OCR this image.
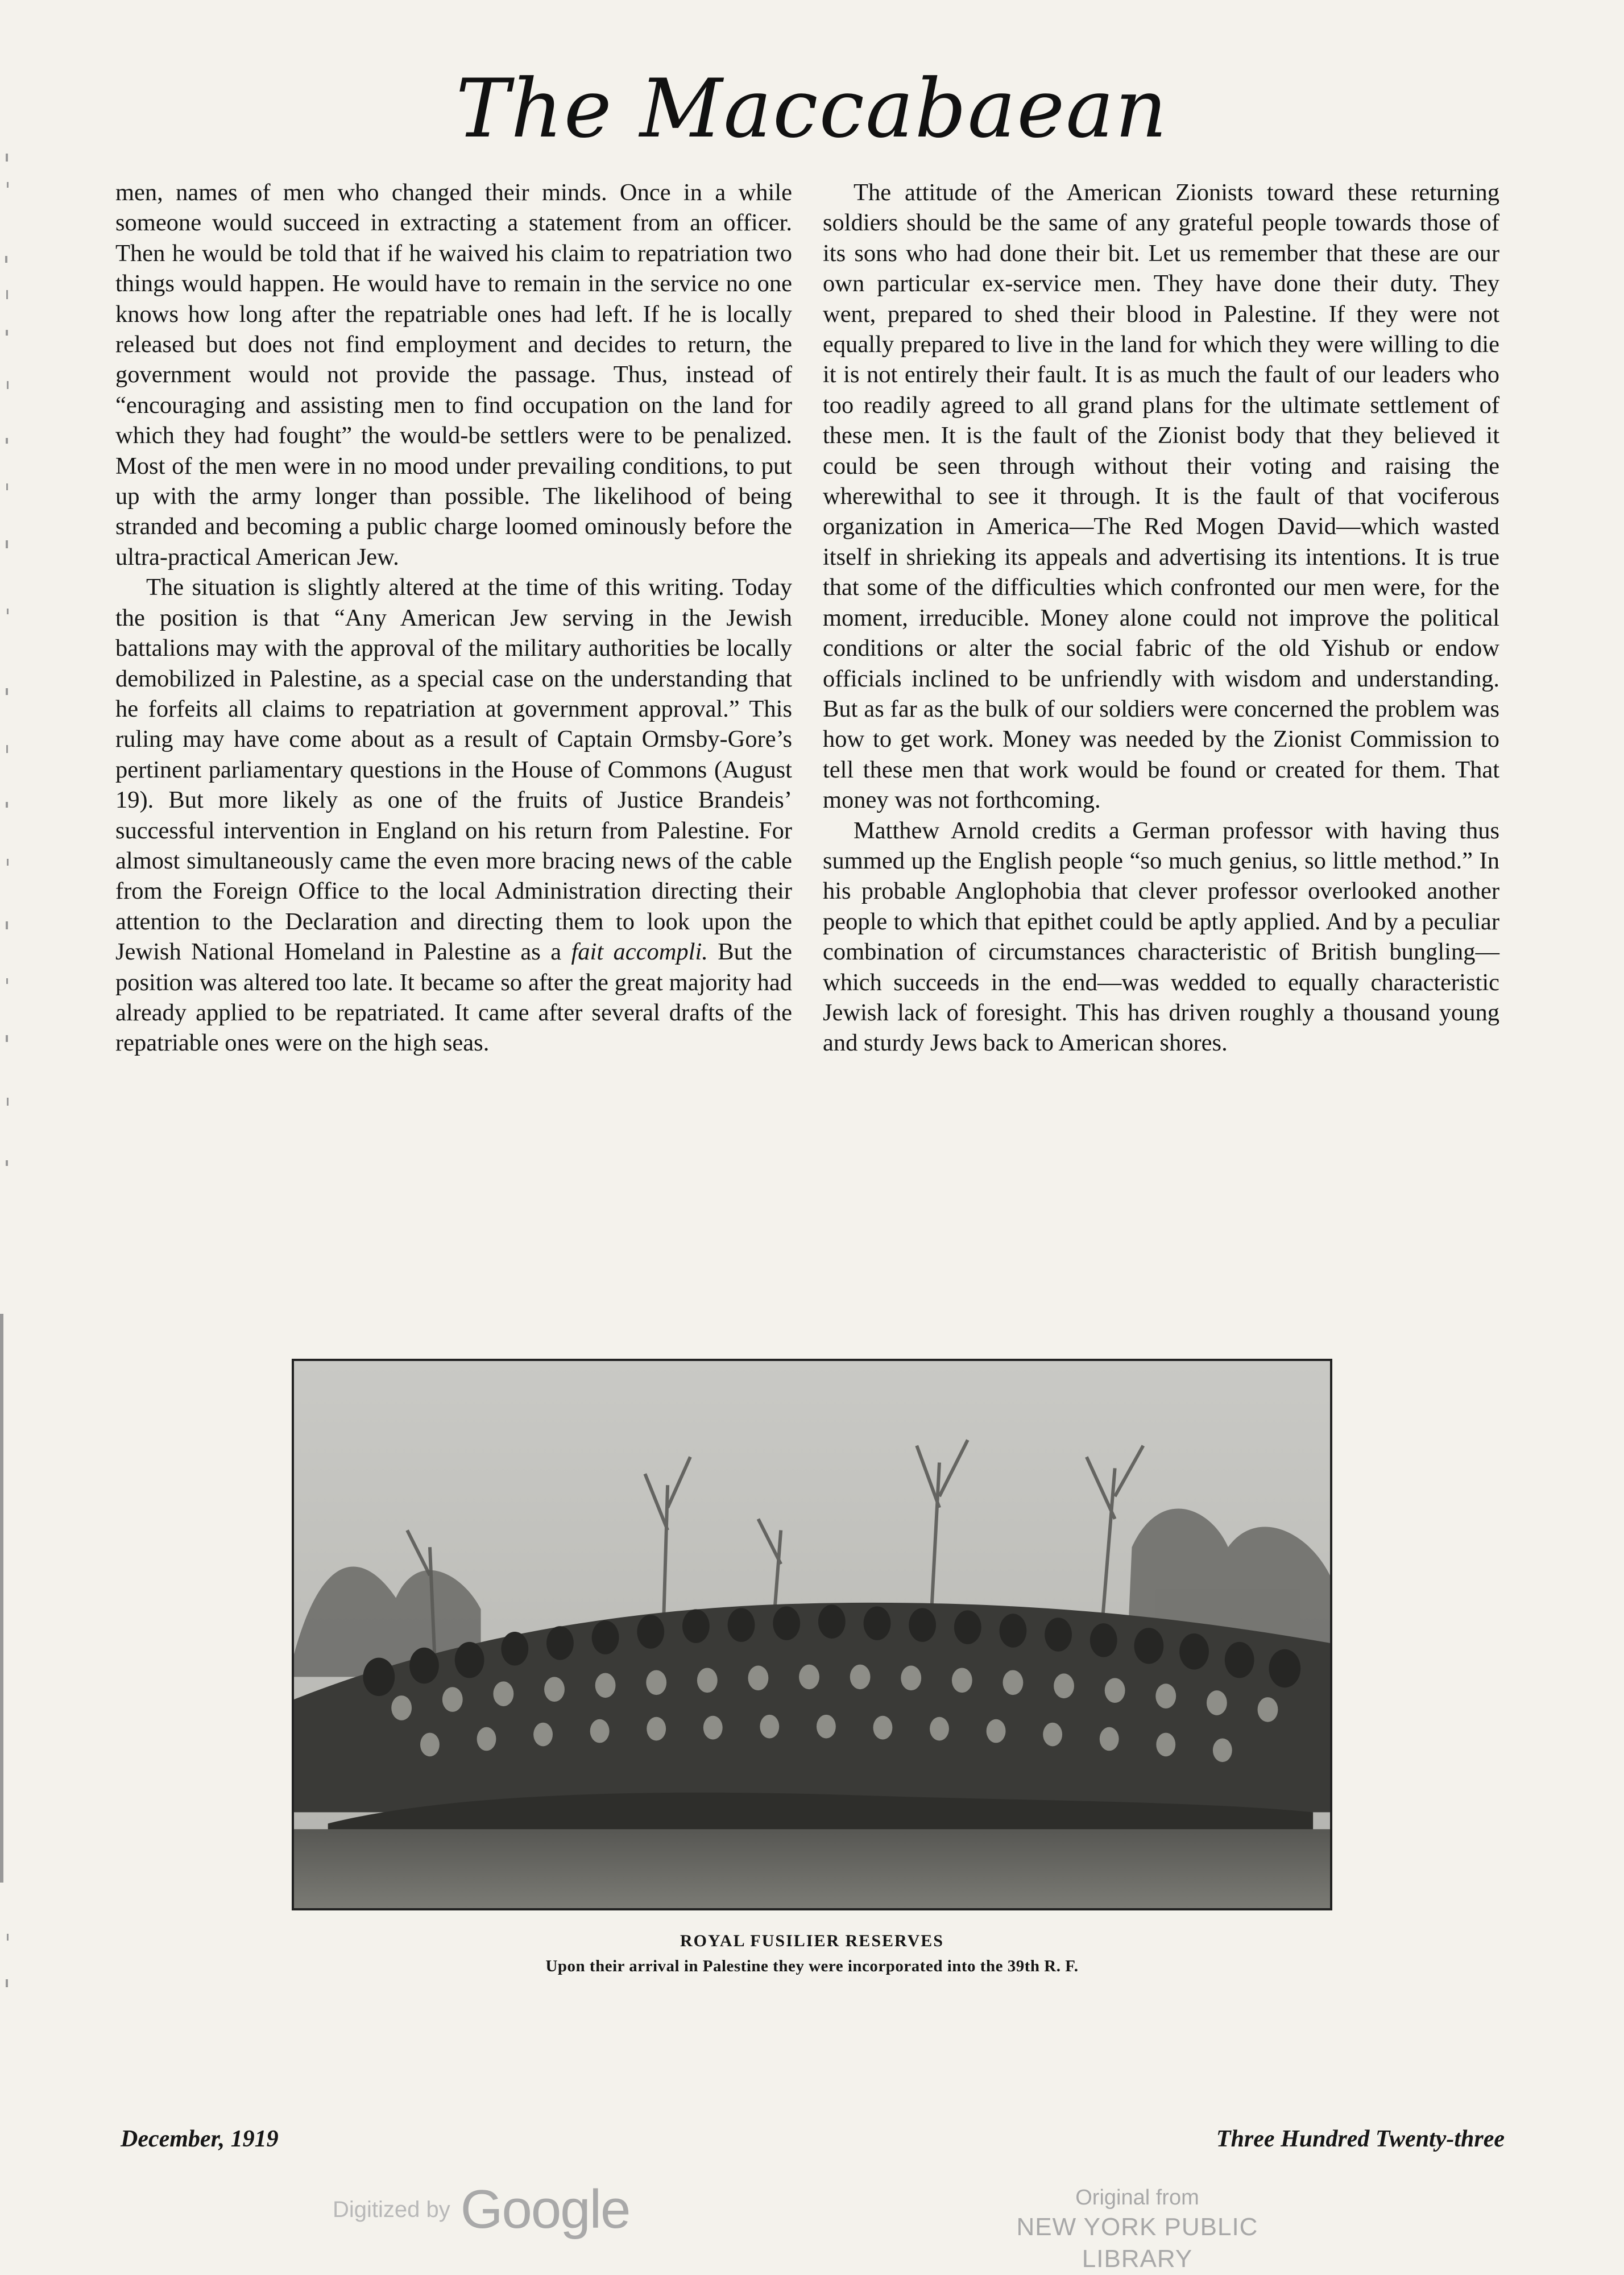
The Maccabaean

men, names of men who changed their minds. Once in a while someone would succeed in extracting a statement from an officer. Then he would be told that if he waived his claim to repatriation two things would happen. He would have to remain in the service no one knows how long after the repatriable ones had left. If he is locally released but does not find employment and decides to return, the government would not provide the passage. Thus, instead of “encouraging and assisting men to find occupation on the land for which they had fought” the would-be settlers were to be penalized. Most of the men were in no mood under prevailing conditions, to put up with the army longer than possible. The likelihood of being stranded and becoming a public charge loomed ominously before the ultra-practical American Jew.

The situation is slightly altered at the time of this writing. Today the position is that “Any American Jew serving in the Jewish battalions may with the approval of the military authorities be locally demobilized in Palestine, as a special case on the understanding that he forfeits all claims to repatriation at government approval.” This ruling may have come about as a result of Captain Ormsby-Gore’s pertinent parliamentary questions in the House of Commons (August 19). But more likely as one of the fruits of Justice Brandeis’ successful intervention in England on his return from Palestine. For almost simultaneously came the even more bracing news of the cable from the Foreign Office to the local Administration directing their attention to the Declaration and directing them to look upon the Jewish National Homeland in Palestine as a fait accompli. But the position was altered too late. It became so after the great majority had already applied to be repatriated. It came after several drafts of the repatriable ones were on the high seas.

The attitude of the American Zionists toward these returning soldiers should be the same of any grateful people towards those of its sons who had done their bit. Let us remember that these are our own particular ex-service men. They have done their duty. They went, prepared to shed their blood in Palestine. If they were not equally prepared to live in the land for which they were willing to die it is not entirely their fault. It is as much the fault of our leaders who too readily agreed to all grand plans for the ultimate settlement of these men. It is the fault of the Zionist body that they believed it could be seen through without their voting and raising the wherewithal to see it through. It is the fault of that vociferous organization in America—The Red Mogen David—which wasted itself in shrieking its appeals and advertising its intentions. It is true that some of the difficulties which confronted our men were, for the moment, irreducible. Money alone could not improve the political conditions or alter the social fabric of the old Yishub or endow officials inclined to be unfriendly with wisdom and understanding. But as far as the bulk of our soldiers were concerned the problem was how to get work. Money was needed by the Zionist Commission to tell these men that work would be found or created for them. That money was not forthcoming.

Matthew Arnold credits a German professor with having thus summed up the English people “so much genius, so little method.” In his probable Anglophobia that clever professor overlooked another people to which that epithet could be aptly applied. And by a peculiar combination of circumstances characteristic of British bungling—which succeeds in the end—was wedded to equally characteristic Jewish lack of foresight. This has driven roughly a thousand young and sturdy Jews back to American shores.

ROYAL FUSILIER RESERVES
Upon their arrival in Palestine they were incorporated into the 39th R. F.
December, 1919	Three Hundred Twenty-three
Digitized by Google	Original from
NEW YORK PUBLIC LIBRARY
